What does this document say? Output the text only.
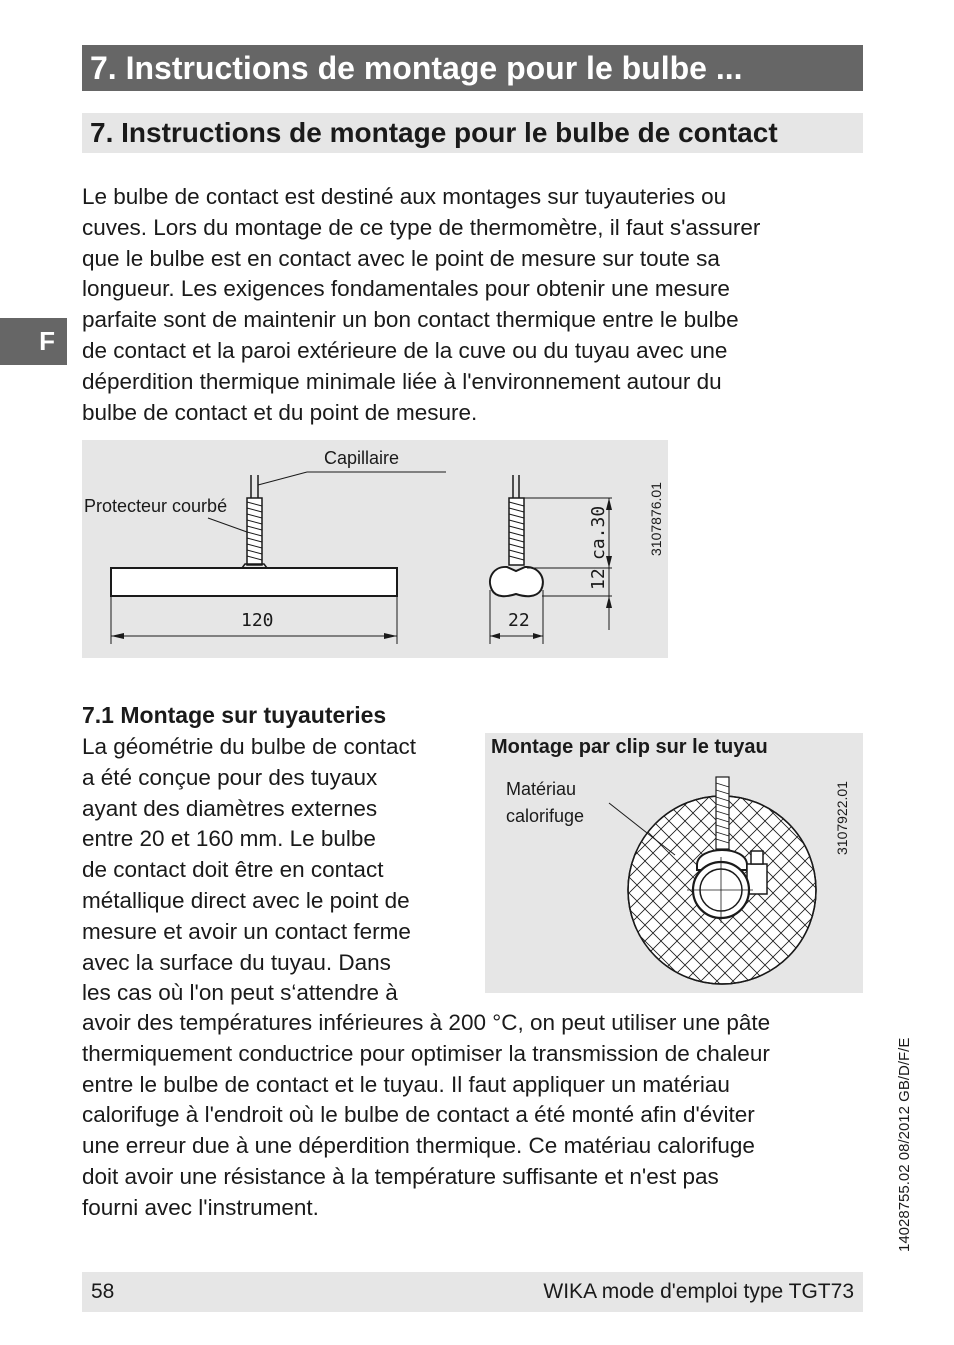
7. Instructions de montage pour le bulbe ...
7. Instructions de montage pour le bulbe de contact
F
Le bulbe de contact est destiné aux montages sur tuyauteries ou
cuves. Lors du montage de ce type de thermomètre, il faut s'assurer
que le bulbe est en contact avec le point de mesure sur toute sa
longueur. Les exigences fondamentales pour obtenir une mesure
parfaite sont de maintenir un bon contact thermique entre le bulbe
de contact et la paroi extérieure de la cuve ou du tuyau avec une
déperdition thermique minimale liée à l'environnement autour du
bulbe de contact et du point de mesure.
Capillaire
Protecteur courbé
120	22
12
ca.30	3107876.01
7.1 Montage sur tuyauteries
La géométrie du bulbe de contact
a été conçue pour des tuyaux
ayant des diamètres externes
entre 20 et 160 mm. Le bulbe
de contact doit être en contact
métallique direct avec le point de
mesure et avoir un contact ferme
avec la surface du tuyau. Dans
les cas où l'on peut s‘attendre à
Montage par clip sur le tuyau
Matériau
calorifuge	3107922.01
avoir des températures inférieures à 200 °C, on peut utiliser une pâte
thermiquement conductrice pour optimiser la transmission de chaleur
entre le bulbe de contact et le tuyau. Il faut appliquer un matériau
calorifuge à l'endroit où le bulbe de contact a été monté afin d'éviter
une erreur due à une déperdition thermique. Ce matériau calorifuge
doit avoir une résistance à la température suffisante et n'est pas
fourni avec l'instrument.	14028755.02 08/2012 GB/D/F/E
58	WIKA mode d'emploi type TGT73
